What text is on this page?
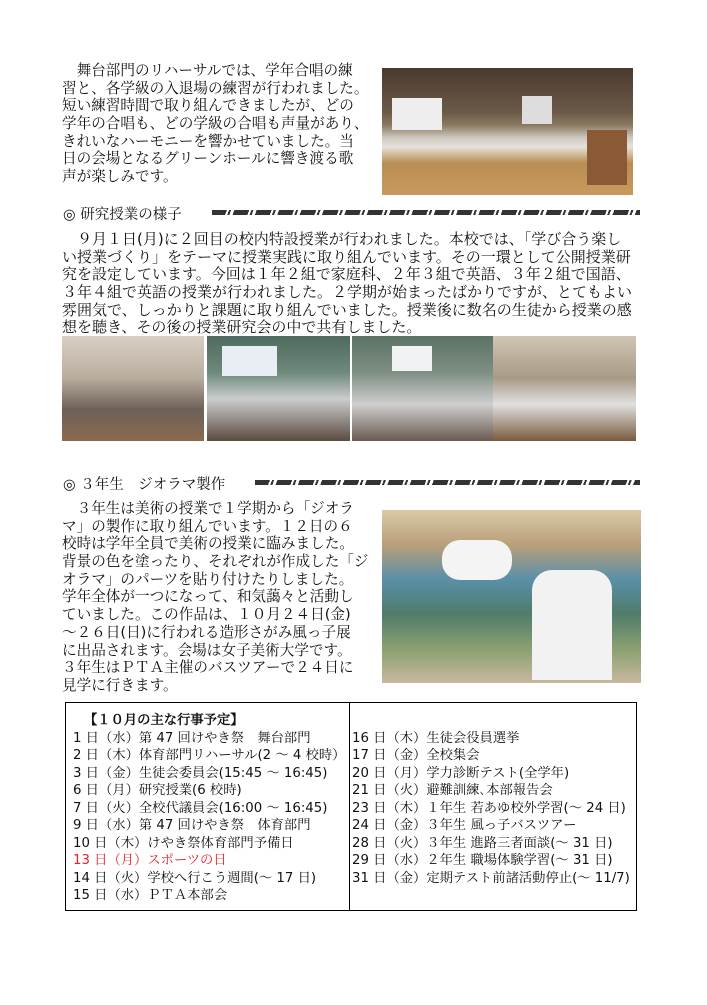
　舞台部門のリハーサルでは、学年合唱の練
習と、各学級の入退場の練習が行われました。
短い練習時間で取り組んできましたが、どの
学年の合唱も、どの学級の合唱も声量があり、
きれいなハーモニーを響かせていました。当
日の会場となるグリーンホールに響き渡る歌
声が楽しみです。
◎ 研究授業の様子
　９月１日(月)に２回目の校内特設授業が行われました。本校では、「学び合う楽し
い授業づくり」をテーマに授業実践に取り組んでいます。その一環として公開授業研
究を設定しています。今回は１年２組で家庭科、２年３組で英語、３年２組で国語、
３年４組で英語の授業が行われました。２学期が始まったばかりですが、とてもよい
雰囲気で、しっかりと課題に取り組んでいました。授業後に数名の生徒から授業の感
想を聴き、その後の授業研究会の中で共有しました。
◎ ３年生　ジオラマ製作
　３年生は美術の授業で１学期から「ジオラ
マ」の製作に取り組んでいます。１２日の６
校時は学年全員で美術の授業に臨みました。
背景の色を塗ったり、それぞれが作成した「ジ
オラマ」のパーツを貼り付けたりしました。
学年全体が一つになって、和気藹々と活動し
ていました。この作品は、１０月２４日(金)
～２６日(日)に行われる造形さがみ風っ子展
に出品されます。会場は女子美術大学です。
３年生はＰＴＡ主催のバスツアーで２４日に
見学に行きます。
【１０月の主な行事予定】
1 日（水）第 47 回けやき祭　舞台部門
2 日（木）体育部門リハーサル(2 ～ 4 校時）
3 日（金）生徒会委員会(15:45 ～ 16:45)
6 日（月）研究授業(6 校時)
7 日（火）全校代議員会(16:00 ～ 16:45)
9 日（水）第 47 回けやき祭　体育部門
10 日（木）けやき祭体育部門予備日
13 日（月）スポーツの日
14 日（火）学校へ行こう週間(～ 17 日)
15 日（水）ＰＴＡ本部会
16 日（木）生徒会役員選挙
17 日（金）全校集会
20 日（月）学力診断テスト(全学年)
21 日（火）避難訓練､本部報告会
23 日（木）１年生 若あゆ校外学習(～ 24 日)
24 日（金）３年生 風っ子バスツアー
28 日（火）３年生 進路三者面談(～ 31 日)
29 日（水）２年生 職場体験学習(～ 31 日)
31 日（金）定期テスト前諸活動停止(～ 11/7)
